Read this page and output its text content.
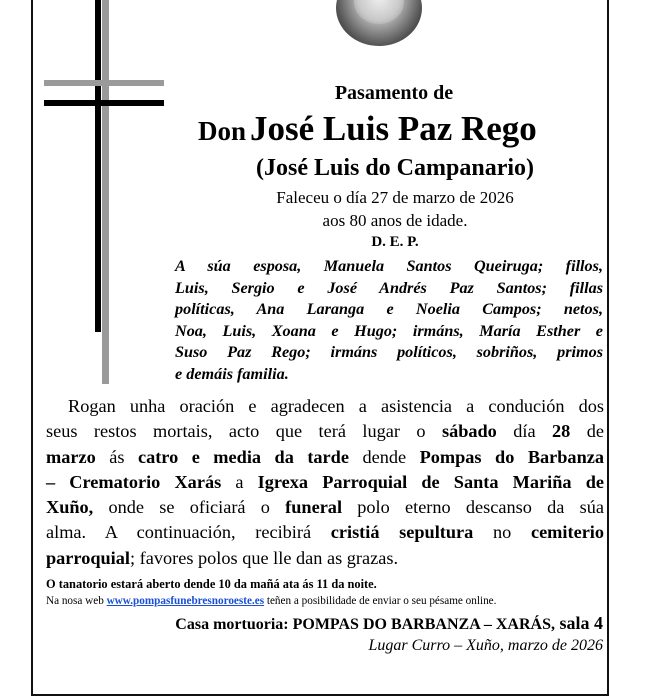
Pasamento de
Don José Luis Paz Rego
(José Luis do Campanario)
Faleceu o día 27 de marzo de 2026
aos 80 anos de idade.
D. E. P.
A súa esposa, Manuela Santos Queiruga; fillos,
Luis, Sergio e José Andrés Paz Santos; fillas
políticas, Ana Laranga e Noelia Campos; netos,
Noa, Luis, Xoana e Hugo; irmáns, María Esther e
Suso Paz Rego; irmáns políticos, sobriños, primos
e demáis familia.
Rogan unha oración e agradecen a asistencia a condución dos
seus restos mortais, acto que terá lugar o sábado día 28 de
marzo ás catro e media da tarde dende Pompas do Barbanza
– Crematorio Xarás a Igrexa Parroquial de Santa Mariña de
Xuño, onde se oficiará o funeral polo eterno descanso da súa
alma. A continuación, recibirá cristiá sepultura no cemiterio
parroquial; favores polos que lle dan as grazas.
O tanatorio estará aberto dende 10 da mañá ata ás 11 da noite.
Na nosa web www.pompasfunebresnoroeste.es teñen a posibilidade de enviar o seu pésame online.
Casa mortuoria: POMPAS DO BARBANZA – XARÁS, sala 4
Lugar Curro – Xuño, marzo de 2026
